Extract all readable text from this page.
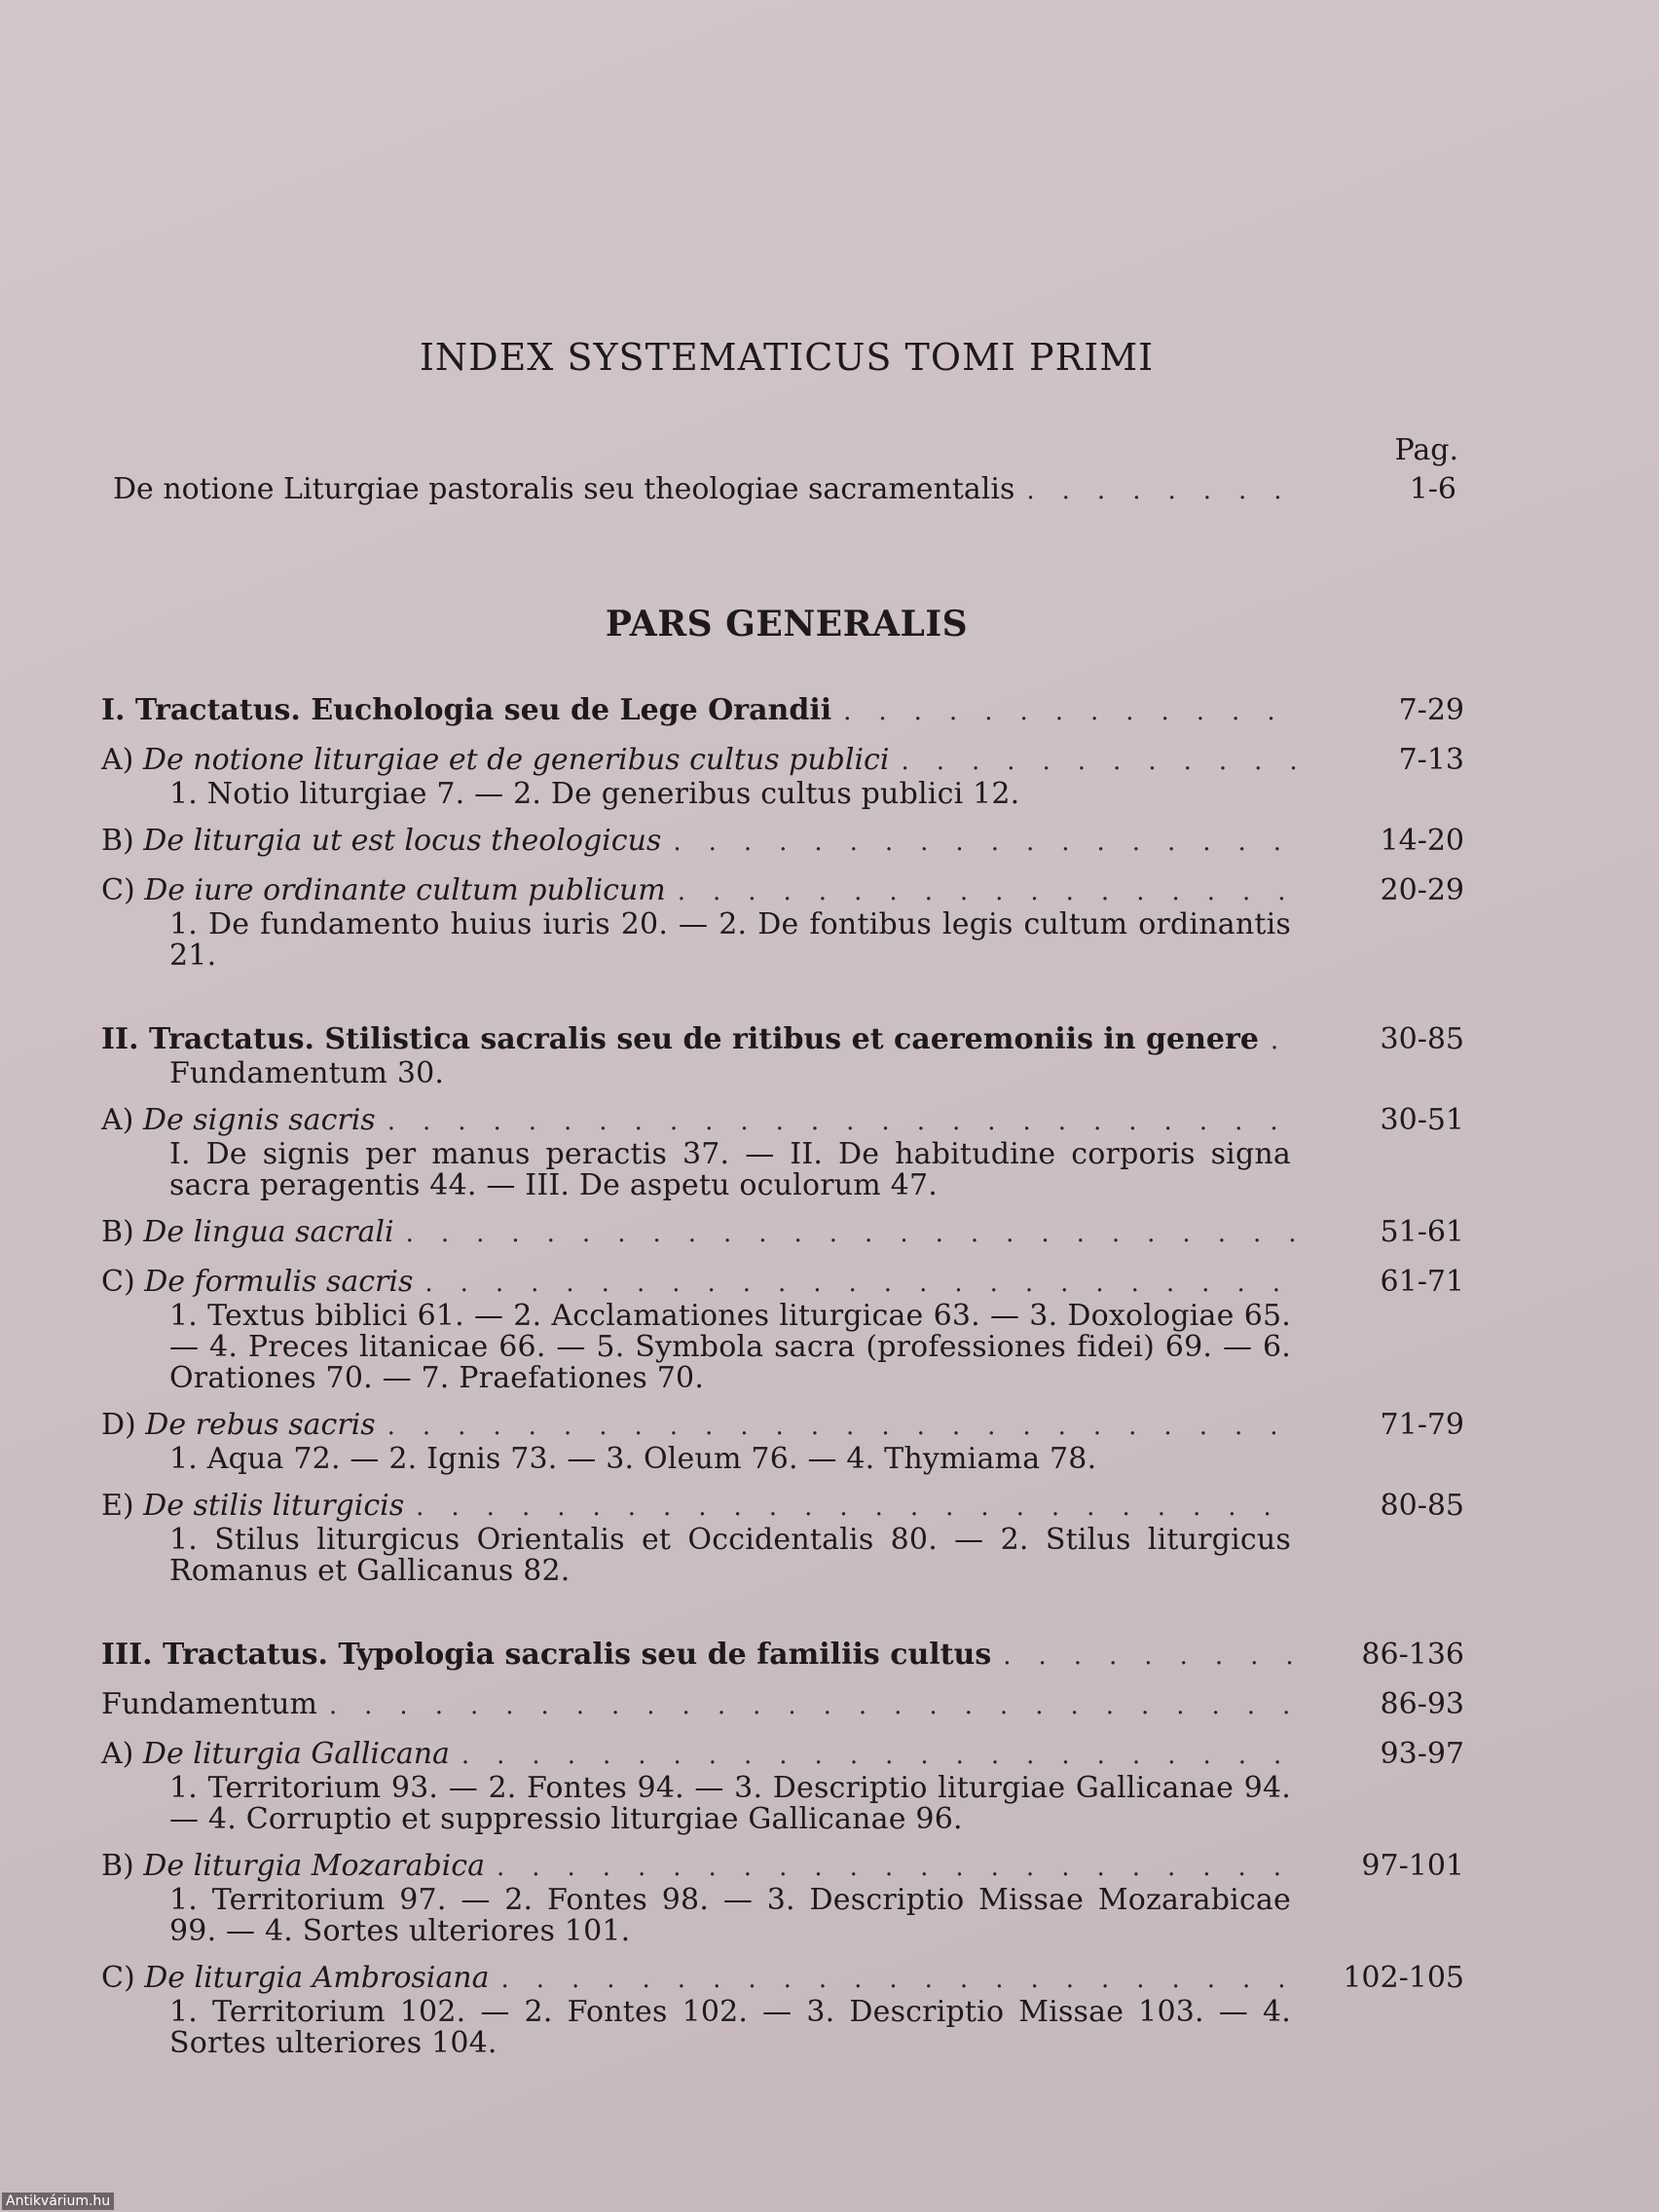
INDEX SYSTEMATICUS TOMI PRIMI
Pag.
De notione Liturgiae pastoralis seu theologiae sacramentalis .....	1-6
PARS GENERALIS
I. Tractatus. Euchologia seu de Lege Orandii .....	7-29
A) De notione liturgiae et de generibus cultus publici .....	7-13
1. Notio liturgiae 7. — 2. De generibus cultus publici 12.
B) De liturgia ut est locus theologicus .....	14-20
C) De iure ordinante cultum publicum .....	20-29
1. De fundamento huius iuris 20. — 2. De fontibus legis cultum ordinantis 21.
II. Tractatus. Stilistica sacralis seu de ritibus et caeremoniis in genere .....	30-85
Fundamentum 30.
A) De signis sacris .....	30-51
I. De signis per manus peractis 37. — II. De habitudine corporis signa sacra peragentis 44. — III. De aspetu oculorum 47.
B) De lingua sacrali .....	51-61
C) De formulis sacris .....	61-71
1. Textus biblici 61. — 2. Acclamationes liturgicae 63. — 3. Doxologiae 65. — 4. Preces litanicae 66. — 5. Symbola sacra (professiones fidei) 69. — 6. Orationes 70. — 7. Praefationes 70.
D) De rebus sacris .....	71-79
1. Aqua 72. — 2. Ignis 73. — 3. Oleum 76. — 4. Thymiama 78.
E) De stilis liturgicis .....	80-85
1. Stilus liturgicus Orientalis et Occidentalis 80. — 2. Stilus liturgicus Romanus et Gallicanus 82.
III. Tractatus. Typologia sacralis seu de familiis cultus .....	86-136
Fundamentum .....	86-93
A) De liturgia Gallicana .....	93-97
1. Territorium 93. — 2. Fontes 94. — 3. Descriptio liturgiae Gallicanae 94. — 4. Corruptio et suppressio liturgiae Gallicanae 96.
B) De liturgia Mozarabica .....	97-101
1. Territorium 97. — 2. Fontes 98. — 3. Descriptio Missae Mozarabicae 99. — 4. Sortes ulteriores 101.
C) De liturgia Ambrosiana .....	102-105
1. Territorium 102. — 2. Fontes 102. — 3. Descriptio Missae 103. — 4. Sortes ulteriores 104.
Antikvárium.hu
